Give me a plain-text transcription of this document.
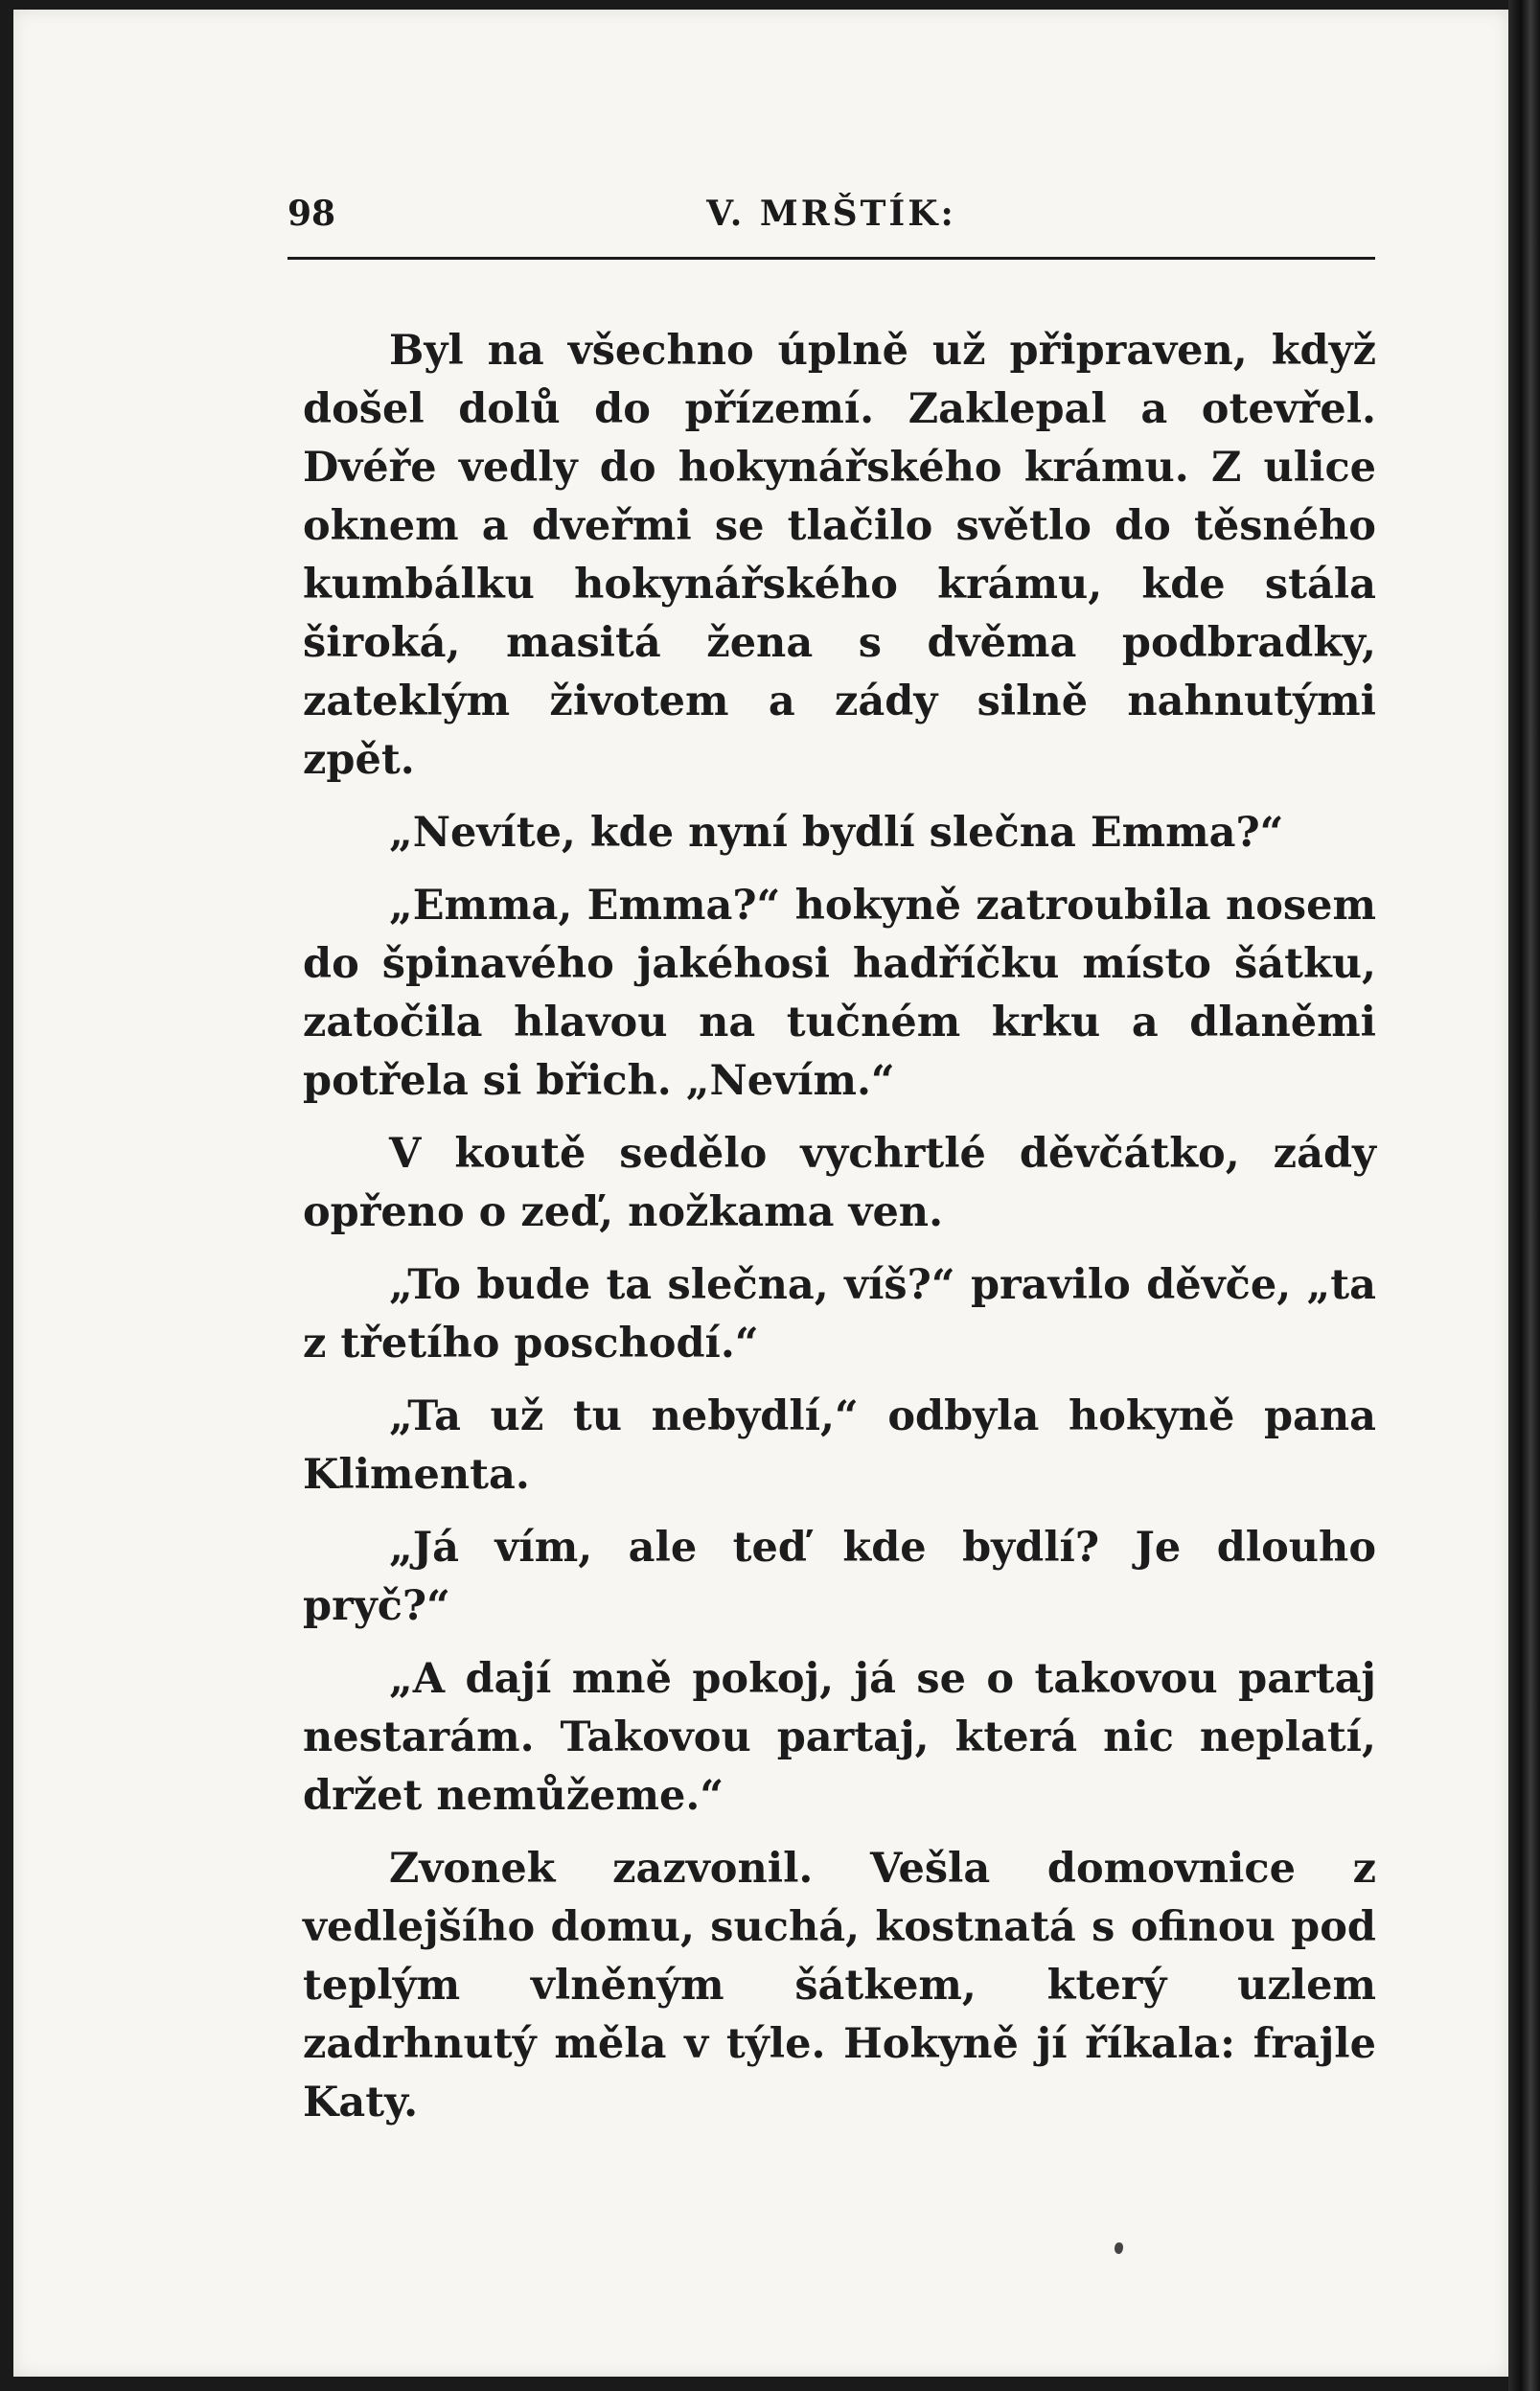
98	V. MRŠTÍK:

Byl na všechno úplně už připraven, když došel dolů do přízemí. Zaklepal a otevřel. Dvéře vedly do hokynářského krámu. Z ulice oknem a dveřmi se tlačilo světlo do těsného kumbálku hokynářského krámu, kde stála široká, masitá žena s dvěma podbradky, zateklým životem a zády silně nahnutými zpět.

„Nevíte, kde nyní bydlí slečna Emma?“

„Emma, Emma?“ hokyně zatroubila nosem do špinavého jakéhosi hadříčku místo šátku, zatočila hlavou na tučném krku a dlaněmi potřela si břich. „Nevím.“

V koutě sedělo vychrtlé děvčátko, zády opřeno o zeď, nožkama ven.

„To bude ta slečna, víš?“ pravilo děvče, „ta z třetího poschodí.“

„Ta už tu nebydlí,“ odbyla hokyně pana Klimenta.

„Já vím, ale teď kde bydlí? Je dlouho pryč?“

„A dají mně pokoj, já se o takovou partaj nestarám. Takovou partaj, která nic neplatí, držet nemůžeme.“

Zvonek zazvonil. Vešla domovnice z vedlejšího domu, suchá, kostnatá s ofinou pod teplým vlněným šátkem, který uzlem zadrhnutý měla v týle. Hokyně jí říkala: frajle Katy.
